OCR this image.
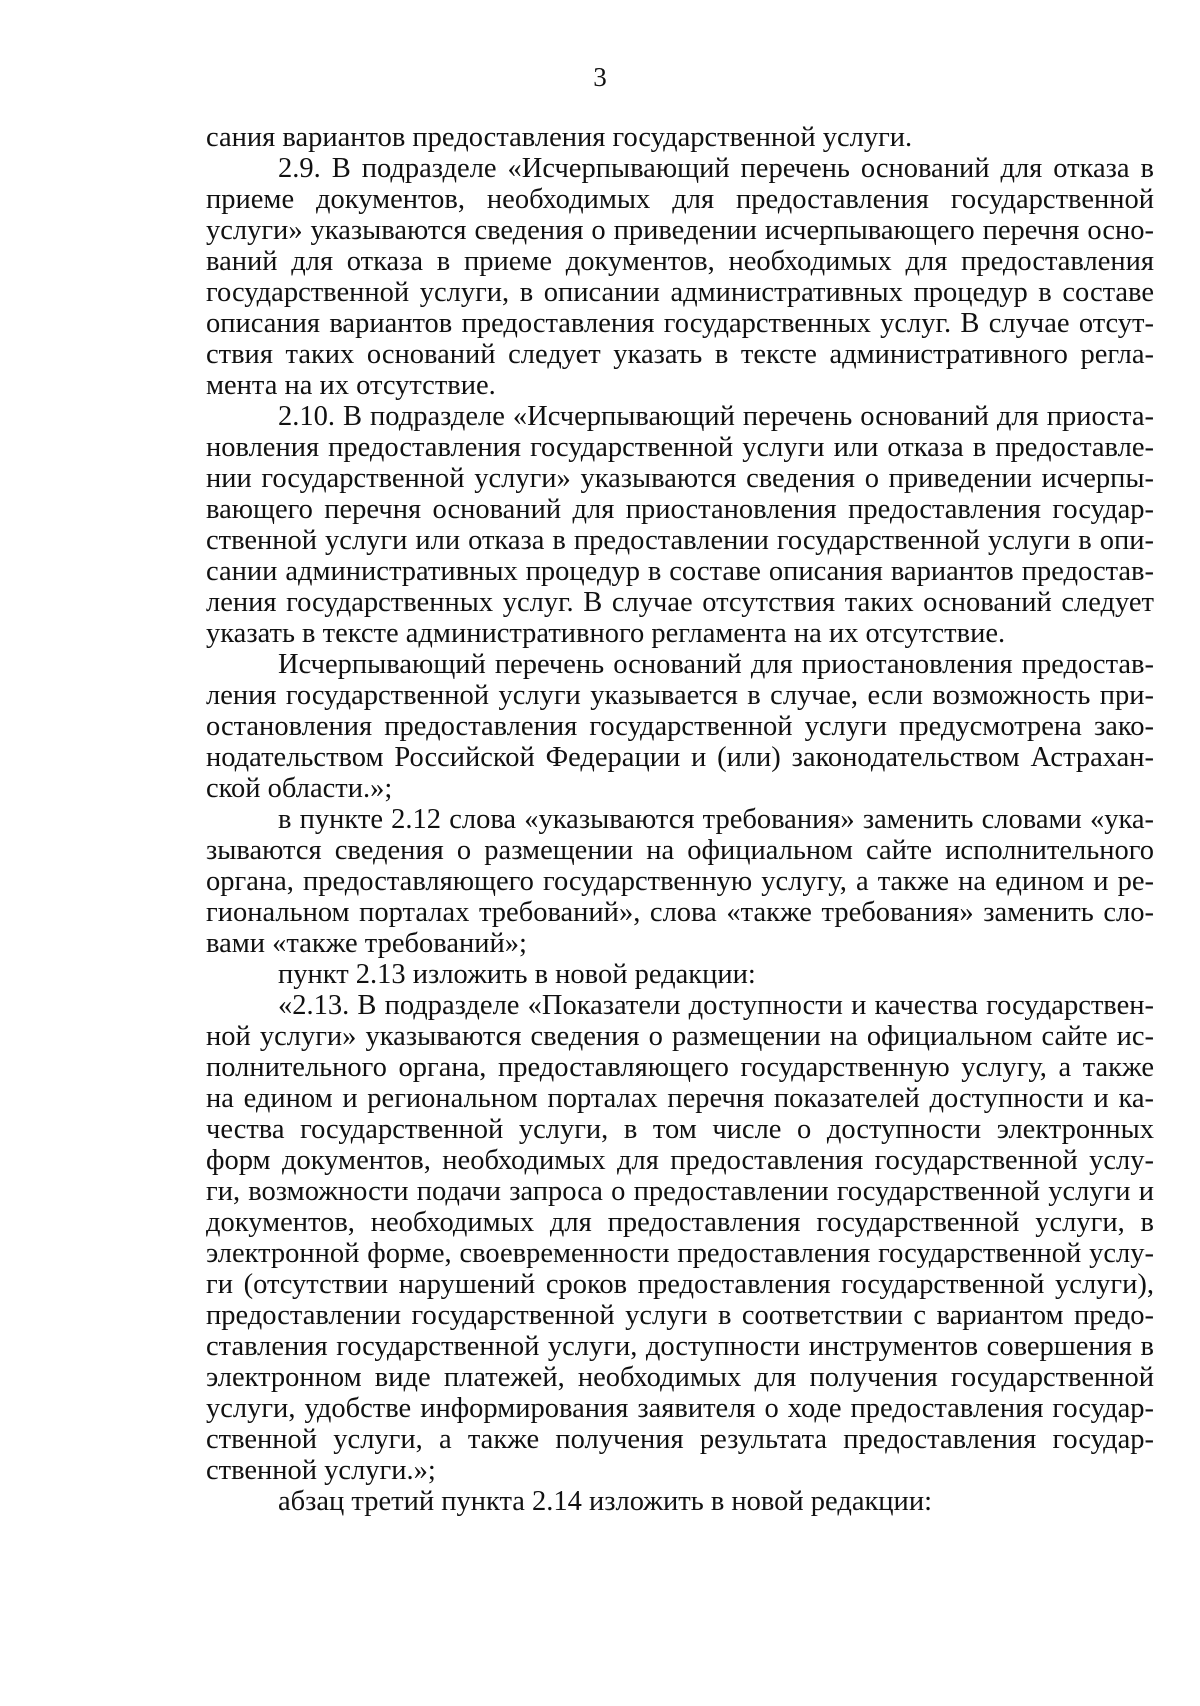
3
сания вариантов предоставления государственной услуги.
2.9. В подразделе «Исчерпывающий перечень оснований для отказа в
приеме документов, необходимых для предоставления государственной
услуги» указываются сведения о приведении исчерпывающего перечня осно-
ваний для отказа в приеме документов, необходимых для предоставления
государственной услуги, в описании административных процедур в составе
описания вариантов предоставления государственных услуг. В случае отсут-
ствия таких оснований следует указать в тексте административного регла-
мента на их отсутствие.
2.10. В подразделе «Исчерпывающий перечень оснований для приоста-
новления предоставления государственной услуги или отказа в предоставле-
нии государственной услуги» указываются сведения о приведении исчерпы-
вающего перечня оснований для приостановления предоставления государ-
ственной услуги или отказа в предоставлении государственной услуги в опи-
сании административных процедур в составе описания вариантов предостав-
ления государственных услуг. В случае отсутствия таких оснований следует
указать в тексте административного регламента на их отсутствие.
Исчерпывающий перечень оснований для приостановления предостав-
ления государственной услуги указывается в случае, если возможность при-
остановления предоставления государственной услуги предусмотрена зако-
нодательством Российской Федерации и (или) законодательством Астрахан-
ской области.»;
в пункте 2.12 слова «указываются требования» заменить словами «ука-
зываются сведения о размещении на официальном сайте исполнительного
органа, предоставляющего государственную услугу, а также на едином и ре-
гиональном порталах требований», слова «также требования» заменить сло-
вами «также требований»;
пункт 2.13 изложить в новой редакции:
«2.13. В подразделе «Показатели доступности и качества государствен-
ной услуги» указываются сведения о размещении на официальном сайте ис-
полнительного органа, предоставляющего государственную услугу, а также
на едином и региональном порталах перечня показателей доступности и ка-
чества государственной услуги, в том числе о доступности электронных
форм документов, необходимых для предоставления государственной услу-
ги, возможности подачи запроса о предоставлении государственной услуги и
документов, необходимых для предоставления государственной услуги, в
электронной форме, своевременности предоставления государственной услу-
ги (отсутствии нарушений сроков предоставления государственной услуги),
предоставлении государственной услуги в соответствии с вариантом предо-
ставления государственной услуги, доступности инструментов совершения в
электронном виде платежей, необходимых для получения государственной
услуги, удобстве информирования заявителя о ходе предоставления государ-
ственной услуги, а также получения результата предоставления государ-
ственной услуги.»;
абзац третий пункта 2.14 изложить в новой редакции:
